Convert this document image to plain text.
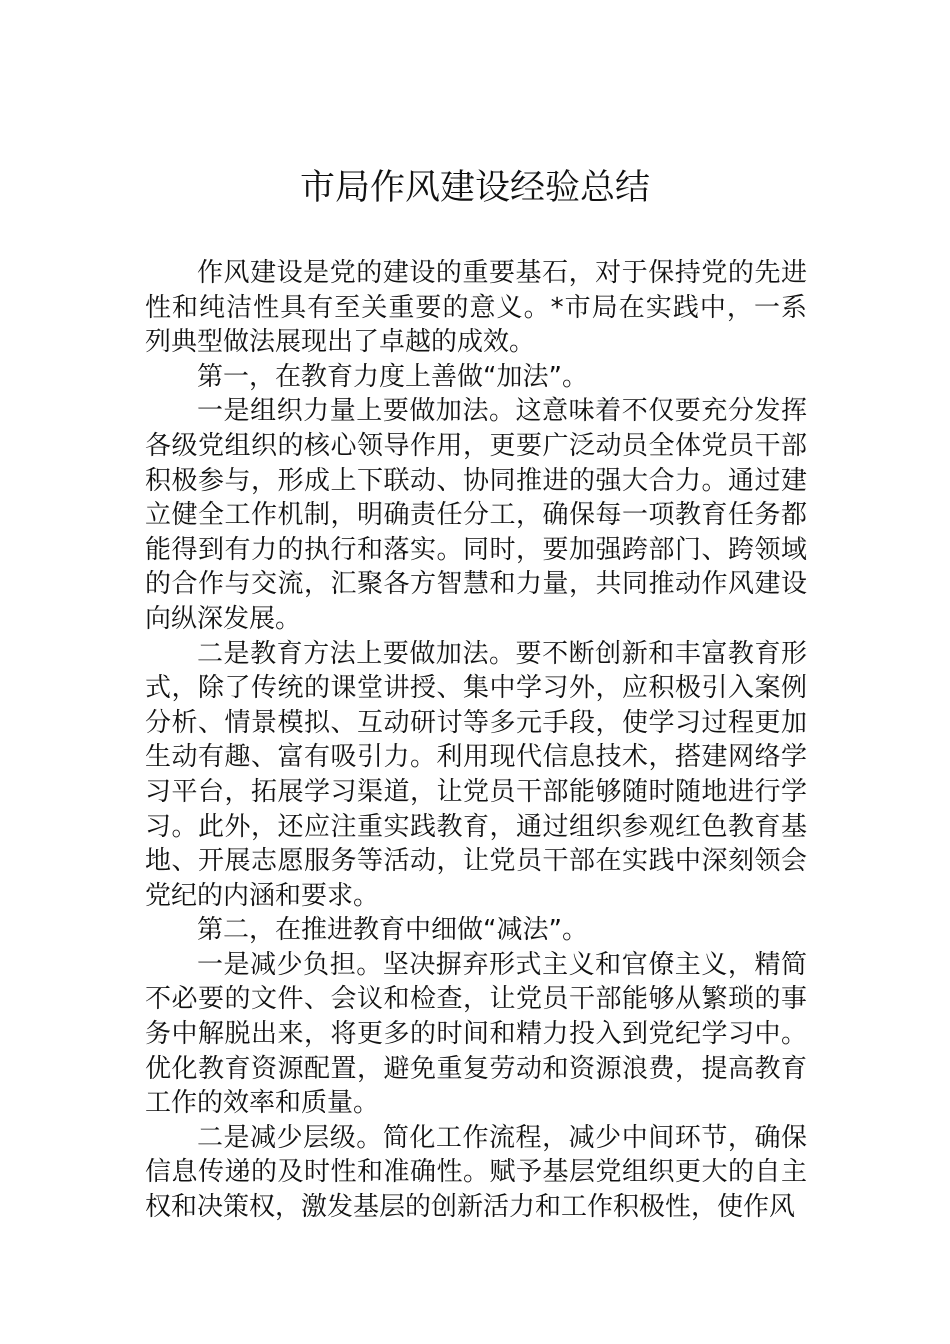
市局作风建设经验总结

作风建设是党的建设的重要基石，对于保持党的先进性和纯洁性具有至关重要的意义。*市局在实践中，一系列典型做法展现出了卓越的成效。

第一，在教育力度上善做“加法”。

一是组织力量上要做加法。这意味着不仅要充分发挥各级党组织的核心领导作用，更要广泛动员全体党员干部积极参与，形成上下联动、协同推进的强大合力。通过建立健全工作机制，明确责任分工，确保每一项教育任务都能得到有力的执行和落实。同时，要加强跨部门、跨领域的合作与交流，汇聚各方智慧和力量，共同推动作风建设向纵深发展。

二是教育方法上要做加法。要不断创新和丰富教育形式，除了传统的课堂讲授、集中学习外，应积极引入案例分析、情景模拟、互动研讨等多元手段，使学习过程更加生动有趣、富有吸引力。利用现代信息技术，搭建网络学习平台，拓展学习渠道，让党员干部能够随时随地进行学习。此外，还应注重实践教育，通过组织参观红色教育基地、开展志愿服务等活动，让党员干部在实践中深刻领会党纪的内涵和要求。

第二，在推进教育中细做“减法”。

一是减少负担。坚决摒弃形式主义和官僚主义，精简不必要的文件、会议和检查，让党员干部能够从繁琐的事务中解脱出来，将更多的时间和精力投入到党纪学习中。优化教育资源配置，避免重复劳动和资源浪费，提高教育工作的效率和质量。

二是减少层级。简化工作流程，减少中间环节，确保信息传递的及时性和准确性。赋予基层党组织更大的自主权和决策权，激发基层的创新活力和工作积极性，使作风
